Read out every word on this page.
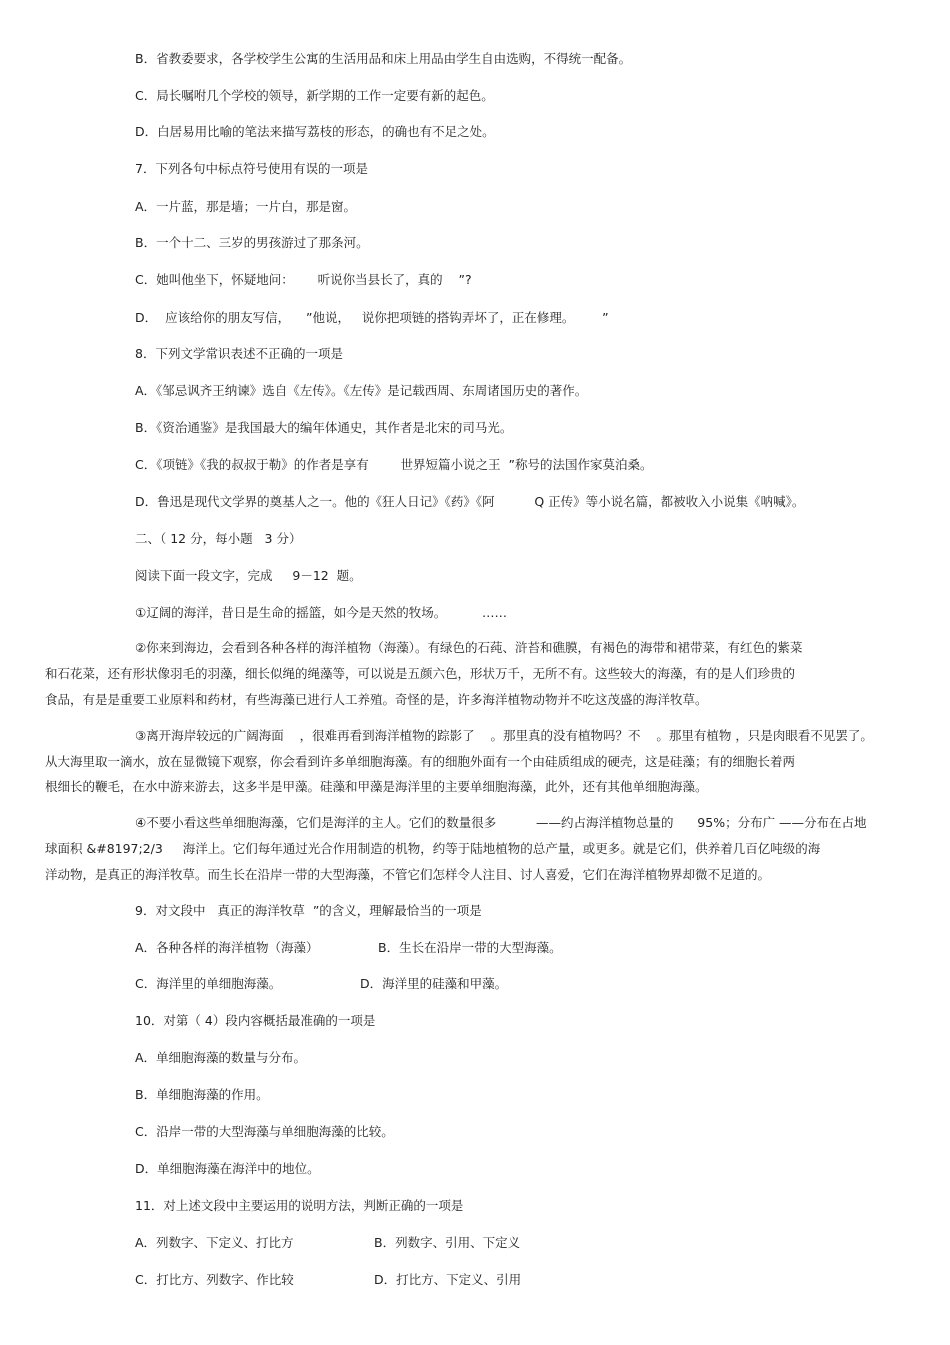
B．省教委要求，各学校学生公寓的生活用品和床上用品由学生自由选购，不得统一配备。
C．局长嘱咐几个学校的领导，新学期的工作一定要有新的起色。
D．白居易用比喻的笔法来描写荔枝的形态，的确也有不足之处。
7．下列各句中标点符号使用有误的一项是
A．一片蓝，那是墙；一片白，那是窗。
B．一个十二、三岁的男孩游过了那条河。
C．她叫他坐下，怀疑地问：      听说你当县长了，真的    ”?
D．  应该给你的朋友写信，    ”他说，   说你把项链的搭钩弄坏了，正在修理。       ”
8．下列文学常识表述不正确的一项是
A．《邹忌讽齐王纳谏》选自《左传》。《左传》是记载西周、东周诸国历史的著作。
B．《资治通鉴》是我国最大的编年体通史，其作者是北宋的司马光。
C．《项链》《我的叔叔于勒》的作者是享有        世界短篇小说之王  ”称号的法国作家莫泊桑。
D．鲁迅是现代文学界的奠基人之一。他的《狂人日记》《药》《阿          Q 正传》等小说名篇，都被收入小说集《呐喊》。
二、（ 12 分，每小题   3 分）
阅读下面一段文字，完成     9－12  题。
①辽阔的海洋，昔日是生命的摇篮，如今是天然的牧场。         ……
②你来到海边，会看到各种各样的海洋植物（海藻）。有绿色的石莼、浒苔和礁膜，有褐色的海带和裙带菜，有红色的紫菜
和石花菜，还有形状像羽毛的羽藻，细长似绳的绳藻等，可以说是五颜六色，形状万千，无所不有。这些较大的海藻，有的是人们珍贵的
食品，有是是重要工业原料和药材，有些海藻已进行人工养殖。奇怪的是，许多海洋植物动物并不吃这茂盛的海洋牧草。
③离开海岸较远的广阔海面    ，很难再看到海洋植物的踪影了    。那里真的没有植物吗？不    。那里有植物 ，只是肉眼看不见罢了。
从大海里取一滴水，放在显微镜下观察，你会看到许多单细胞海藻。有的细胞外面有一个由硅质组成的硬壳，这是硅藻；有的细胞长着两
根细长的鞭毛，在水中游来游去，这多半是甲藻。硅藻和甲藻是海洋里的主要单细胞海藻，此外，还有其他单细胞海藻。
④不要小看这些单细胞海藻，它们是海洋的主人。它们的数量很多          ——约占海洋植物总量的      95%；分布广 ——分布在占地
球面积 &#8197;2/3     海洋上。它们每年通过光合作用制造的机物，约等于陆地植物的总产量，或更多。就是它们，供养着几百亿吨级的海
洋动物，是真正的海洋牧草。而生长在沿岸一带的大型海藻，不管它们怎样令人注目、讨人喜爱，它们在海洋植物界却微不足道的。
9．对文段中   真正的海洋牧草  ”的含义，理解最恰当的一项是
A．各种各样的海洋植物（海藻）	B．生长在沿岸一带的大型海藻。
C．海洋里的单细胞海藻。	D．海洋里的硅藻和甲藻。
10．对第（ 4）段内容概括最准确的一项是
A．单细胞海藻的数量与分布。
B．单细胞海藻的作用。
C．沿岸一带的大型海藻与单细胞海藻的比较。
D．单细胞海藻在海洋中的地位。
11．对上述文段中主要运用的说明方法，判断正确的一项是
A．列数字、下定义、打比方	B．列数字、引用、下定义
C．打比方、列数字、作比较	D．打比方、下定义、引用
